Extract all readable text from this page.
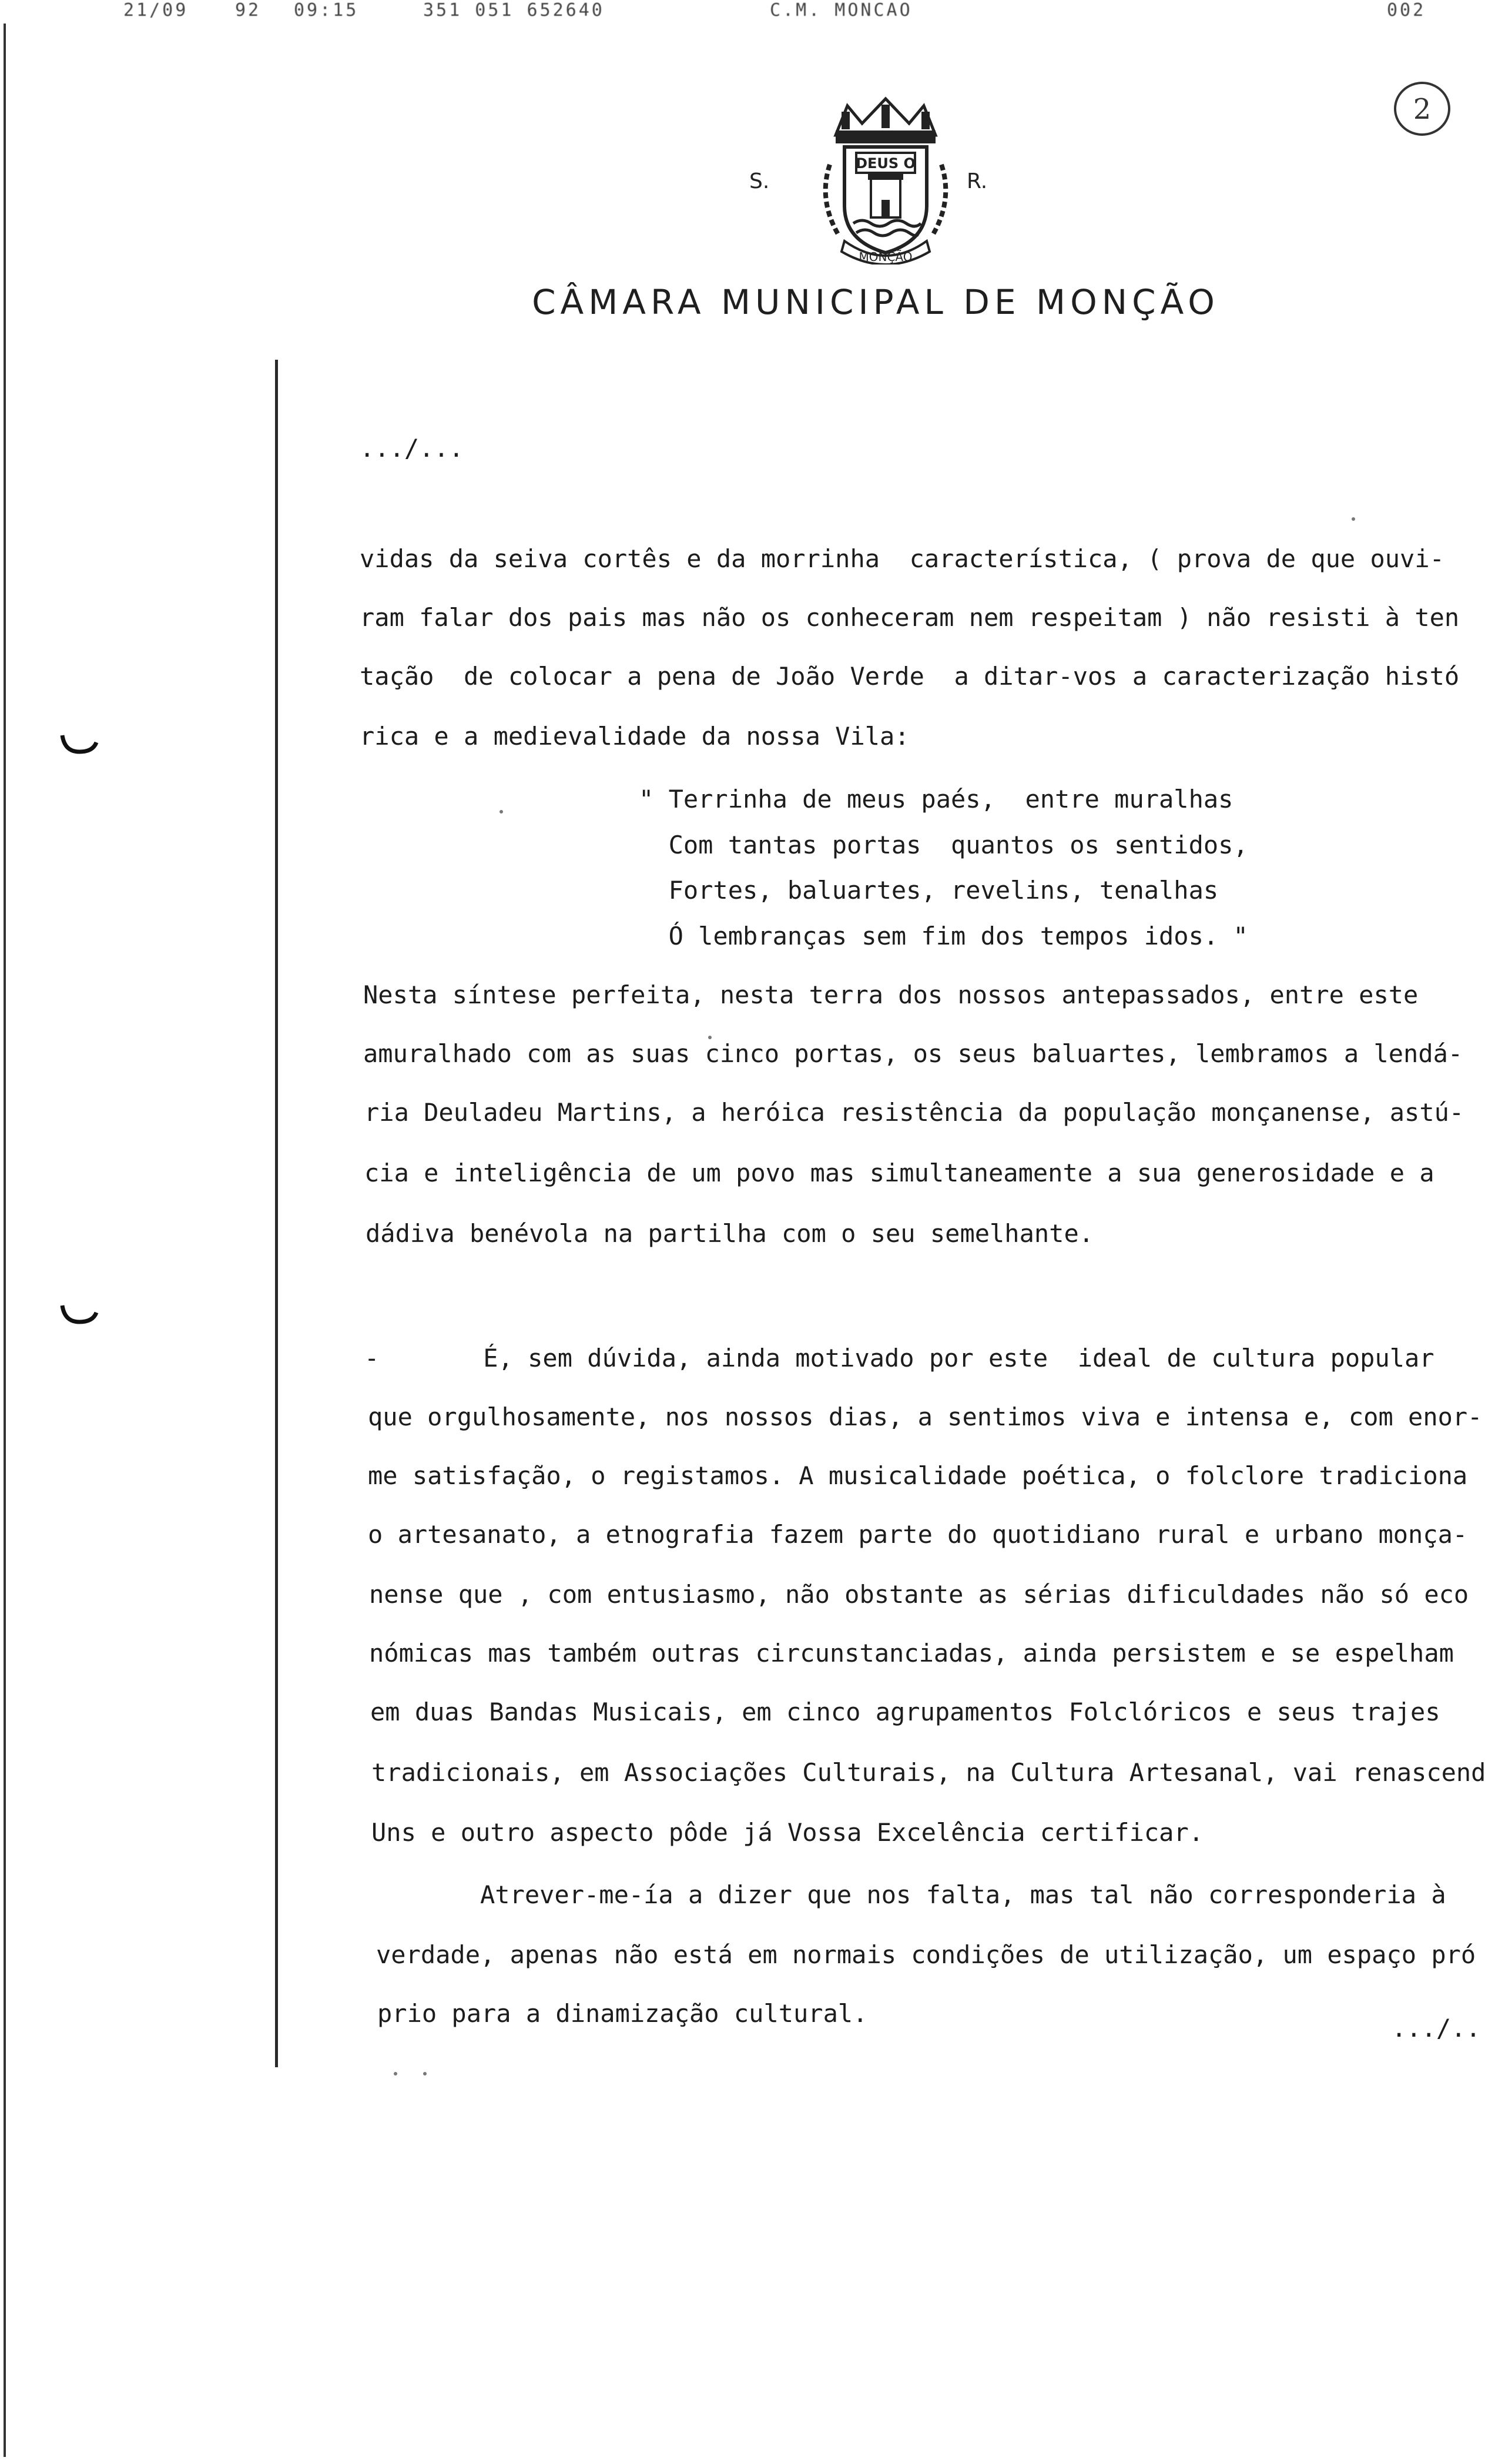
21/09	92 09:15	351 051 652640	C.M. MONCAO	002
2
S.	R.
DEUS O
MONÇÃO
CÂMARA MUNICIPAL DE MONÇÃO
.../...
vidas da seiva cortês e da morrinha  característica, ( prova de que ouvi-
ram falar dos pais mas não os conheceram nem respeitam ) não resisti à ten
tação  de colocar a pena de João Verde  a ditar-vos a caracterização histó
rica e a medievalidade da nossa Vila:
" Terrinha de meus paés,  entre muralhas
Com tantas portas  quantos os sentidos,
Fortes, baluartes, revelins, tenalhas
Ó lembranças sem fim dos tempos idos. "
Nesta síntese perfeita, nesta terra dos nossos antepassados, entre este
amuralhado com as suas cinco portas, os seus baluartes, lembramos a lendá-
ria Deuladeu Martins, a heróica resistência da população monçanense, astú-
cia e inteligência de um povo mas simultaneamente a sua generosidade e a
dádiva benévola na partilha com o seu semelhante.
-       É, sem dúvida, ainda motivado por este  ideal de cultura popular
que orgulhosamente, nos nossos dias, a sentimos viva e intensa e, com enor-
me satisfação, o registamos. A musicalidade poética, o folclore tradiciona
o artesanato, a etnografia fazem parte do quotidiano rural e urbano monça-
nense que , com entusiasmo, não obstante as sérias dificuldades não só eco
nómicas mas também outras circunstanciadas, ainda persistem e se espelham
em duas Bandas Musicais, em cinco agrupamentos Folclóricos e seus trajes
tradicionais, em Associações Culturais, na Cultura Artesanal, vai renascend
Uns e outro aspecto pôde já Vossa Excelência certificar.
Atrever-me-ía a dizer que nos falta, mas tal não corresponderia à
verdade, apenas não está em normais condições de utilização, um espaço pró
prio para a dinamização cultural.
.../..
